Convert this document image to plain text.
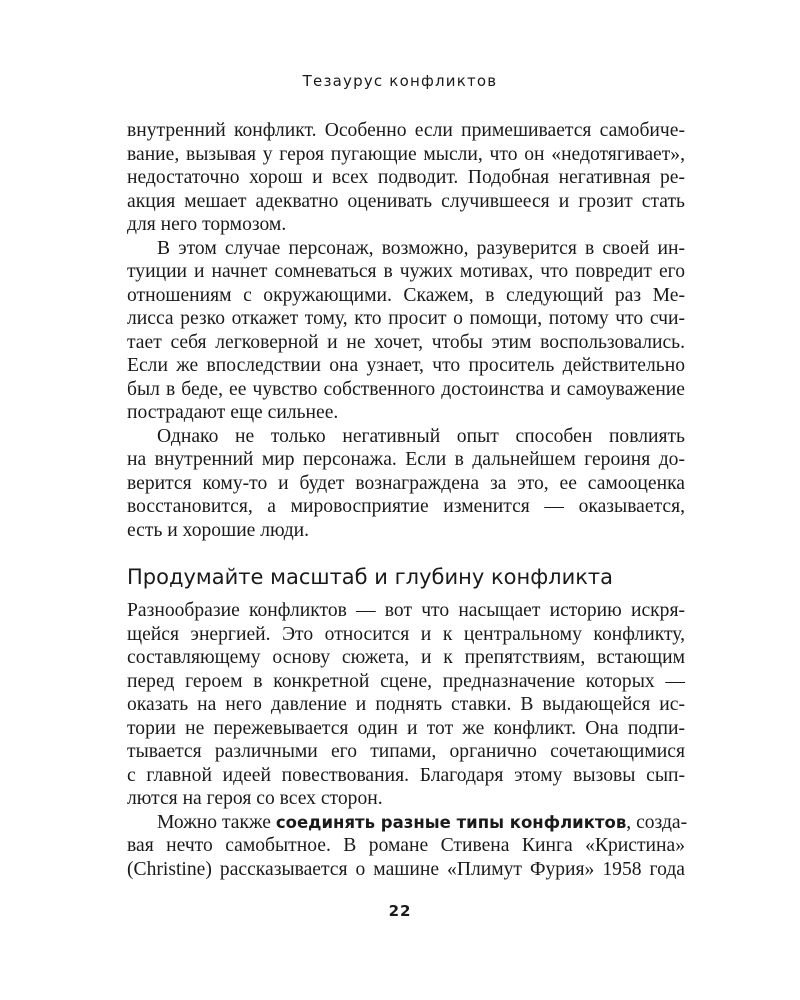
Тезаурус конфликтов
внутренний конфликт. Особенно если примешивается самобичe-
вание, вызывая у героя пугающие мысли, что он «недотягивает»,
недостаточно хорош и всех подводит. Подобная негативная ре-
акция мешает адекватно оценивать случившееся и грозит стать
для него тормозом.
В этом случае персонаж, возможно, разуверится в своей ин-
туиции и начнет сомневаться в чужих мотивах, что повредит его
отношениям с окружающими. Скажем, в следующий раз Ме-
лисса резко откажет тому, кто просит о помощи, потому что счи-
тает себя легковерной и не хочет, чтобы этим воспользовались.
Если же впоследствии она узнает, что проситель действительно
был в беде, ее чувство собственного достоинства и самоуважение
пострадают еще сильнее.
Однако не только негативный опыт способен повлиять
на внутренний мир персонажа. Если в дальнейшем героиня до-
верится кому-то и будет вознаграждена за это, ее самооценка
восстановится, а мировосприятие изменится — оказывается,
есть и хорошие люди.
Продумайте масштаб и глубину конфликта
Разнообразие конфликтов — вот что насыщает историю искря-
щейся энергией. Это относится и к центральному конфликту,
составляющему основу сюжета, и к препятствиям, встающим
перед героем в конкретной сцене, предназначение которых —
оказать на него давление и поднять ставки. В выдающейся ис-
тории не пережевывается один и тот же конфликт. Она подпи-
тывается различными его типами, органично сочетающимися
с главной идеей повествования. Благодаря этому вызовы сып-
лются на героя со всех сторон.
Можно также соединять разные типы конфликтов, созда-
вая нечто самобытное. В романе Стивена Кинга «Кристина»
(Christine) рассказывается о машине «Плимут Фурия» 1958 года
22
